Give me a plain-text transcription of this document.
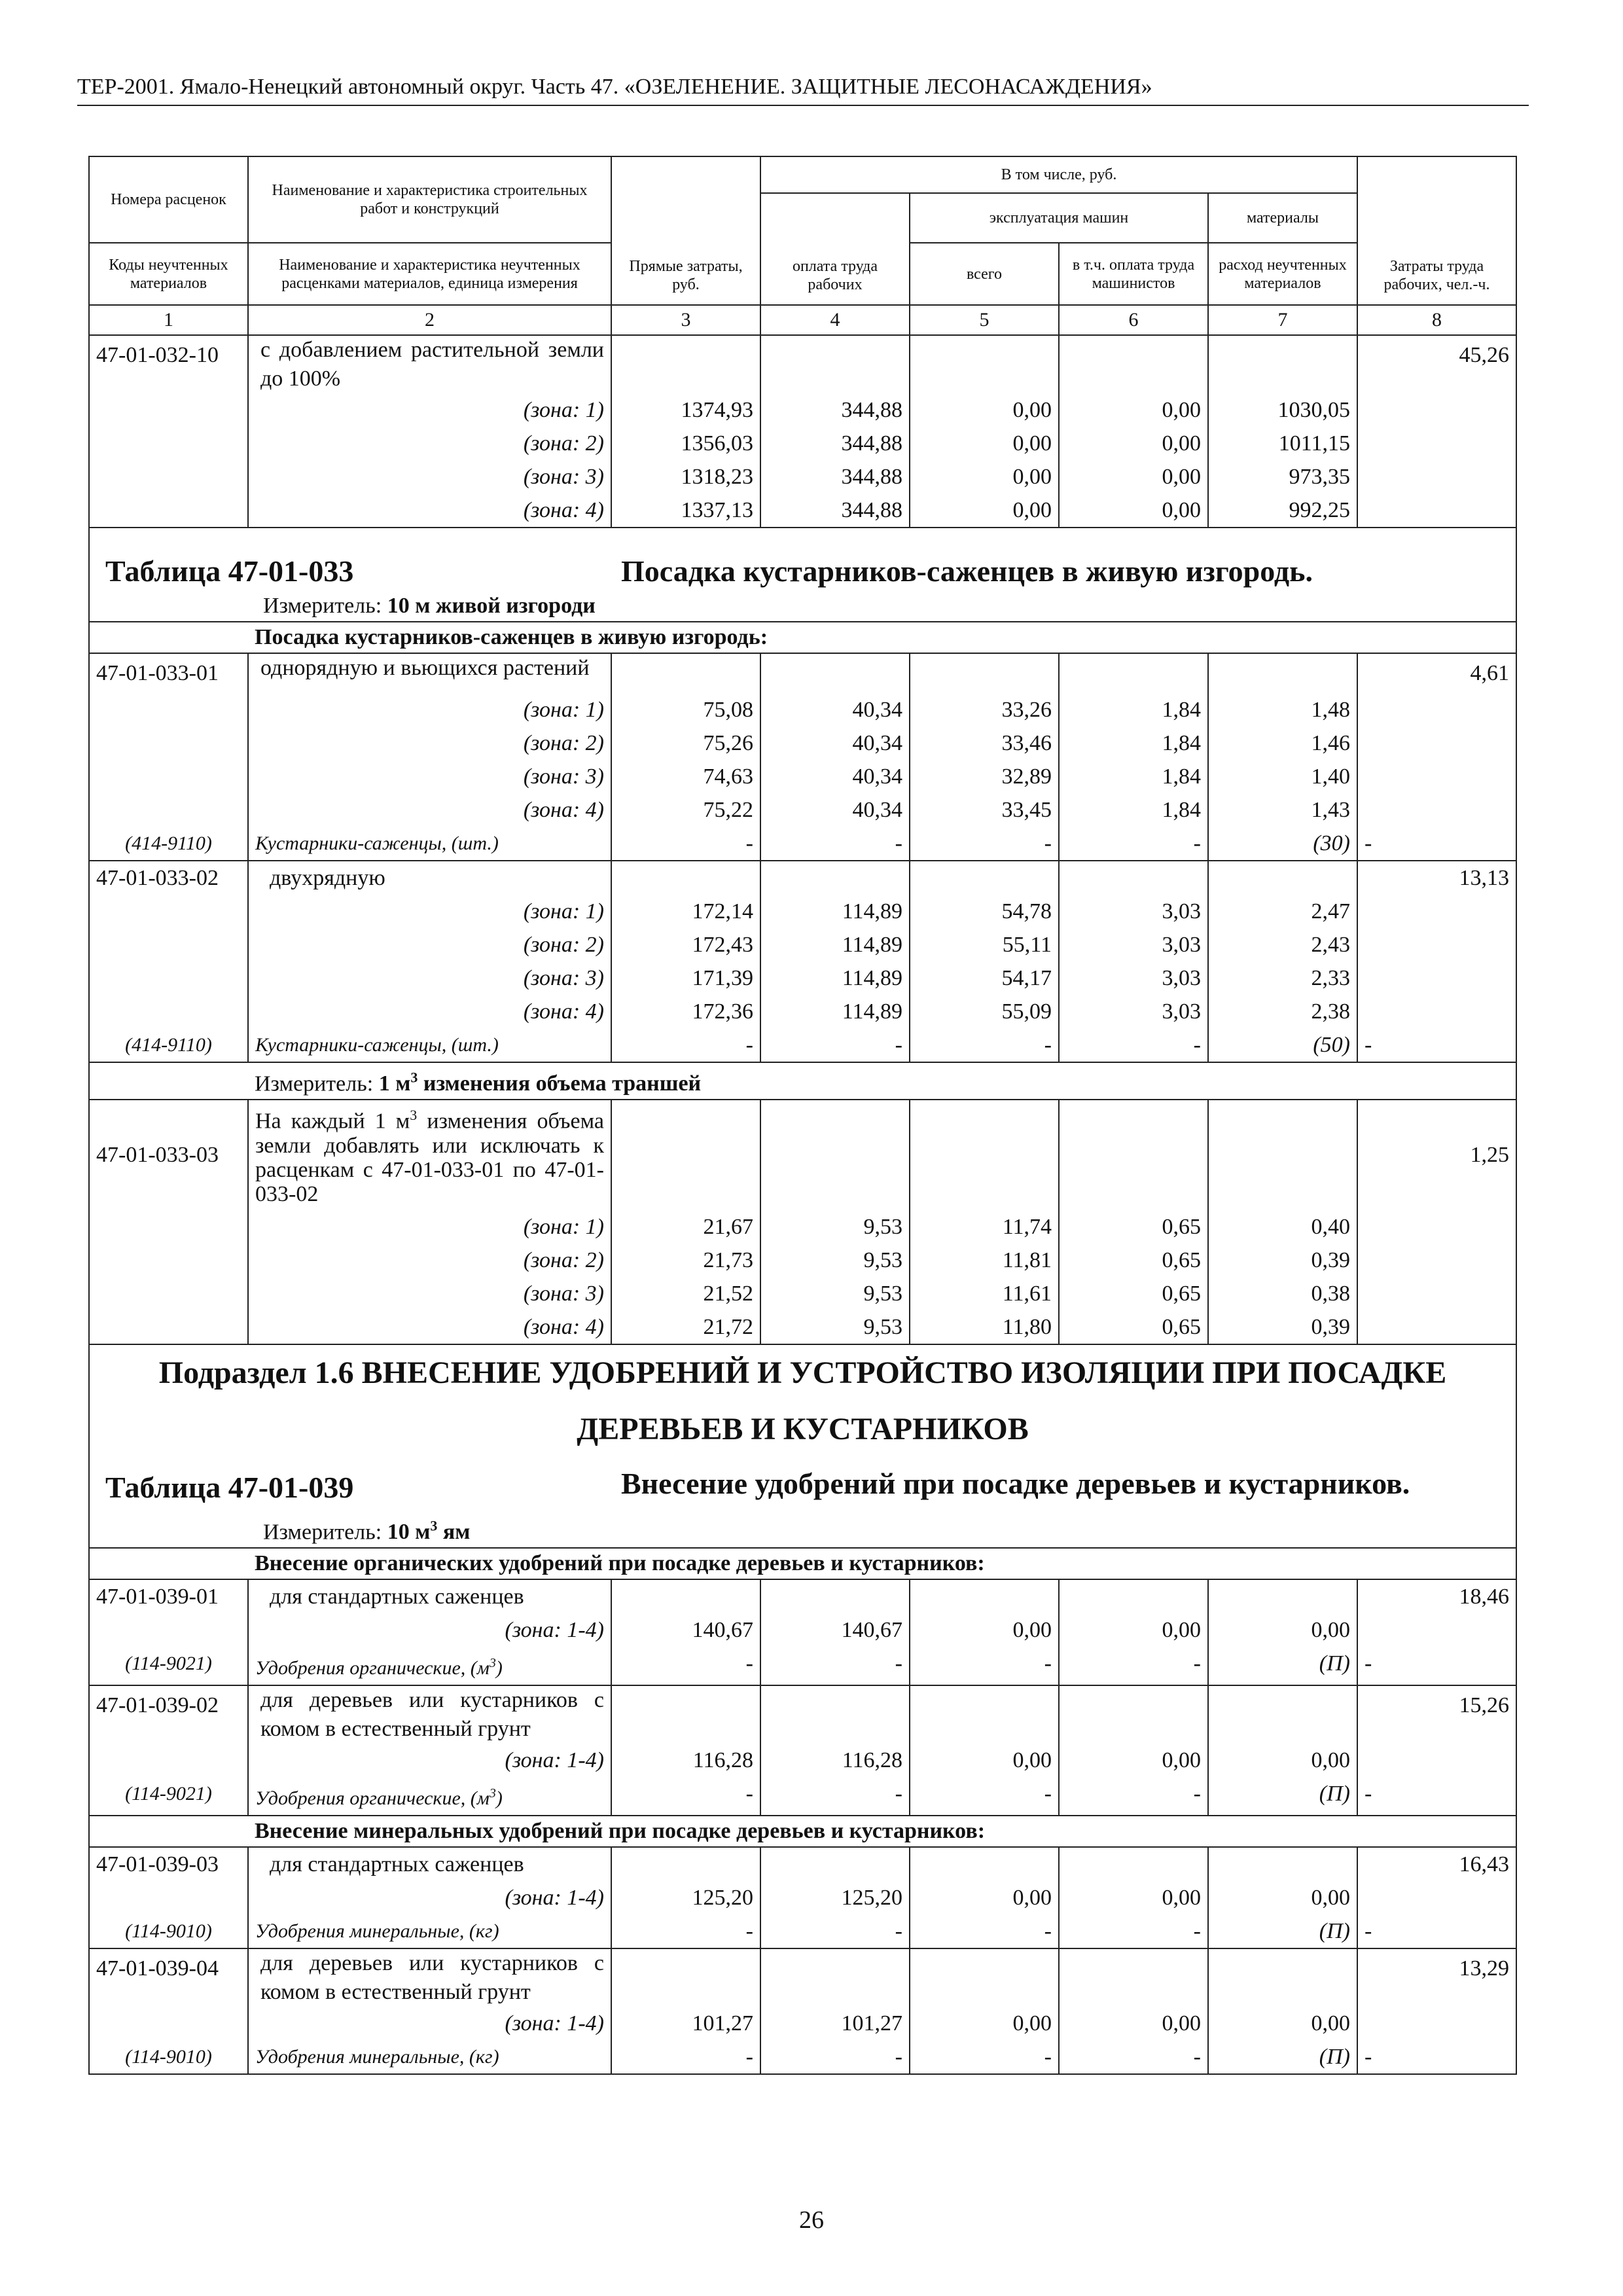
ТЕР-2001. Ямало-Ненецкий автономный округ. Часть 47. «ОЗЕЛЕНЕНИЕ. ЗАЩИТНЫЕ ЛЕСОНАСАЖДЕНИЯ»
Номера расценок	Наименование и характеристика строительных работ и конструкций	Прямые затраты, руб.	В том числе, руб.				Затраты труда рабочих, чел.-ч.
			оплата труда рабочих	эксплуатация машин		материалы	
Коды неучтенных материалов	Наименование и характеристика неучтенных расценками материалов, единица измерения			всего	в т.ч. оплата труда машинистов	расход неучтенных материалов	

1	2	3	4	5	6	7	8
47-01-032-10	с добавлением растительной земли до 100%						45,26
	(зона: 1)	1374,93	344,88	0,00	0,00	1030,05	
	(зона: 2)	1356,03	344,88	0,00	0,00	1011,15	
	(зона: 3)	1318,23	344,88	0,00	0,00	973,35	
	(зона: 4)	1337,13	344,88	0,00	0,00	992,25	

Таблица 47-01-033 Посадка кустарников-саженцев в живую изгородь.
Измеритель: 10 м живой изгороди							

	Посадка кустарников-саженцев в живую изгородь:						
47-01-033-01	однорядную и вьющихся растений						4,61
	(зона: 1)	75,08	40,34	33,26	1,84	1,48	
	(зона: 2)	75,26	40,34	33,46	1,84	1,46	
	(зона: 3)	74,63	40,34	32,89	1,84	1,40	
	(зона: 4)	75,22	40,34	33,45	1,84	1,43	
(414-9110)	Кустарники-саженцы, (шт.)	-	-	-	-	(30)	-
47-01-033-02	двухрядную						13,13
	(зона: 1)	172,14	114,89	54,78	3,03	2,47	
	(зона: 2)	172,43	114,89	55,11	3,03	2,43	
	(зона: 3)	171,39	114,89	54,17	3,03	2,33	
	(зона: 4)	172,36	114,89	55,09	3,03	2,38	
(414-9110)	Кустарники-саженцы, (шт.)	-	-	-	-	(50)	-
	Измеритель: 1 $м^3$ изменения объема траншей						
47-01-033-03	На каждый 1 $м^3$ изменения объема земли добавлять или исключать к расценкам с 47-01-033-01 по 47-01-033-02						1,25
	(зона: 1)	21,67	9,53	11,74	0,65	0,40	
	(зона: 2)	21,73	9,53	11,81	0,65	0,39	
	(зона: 3)	21,52	9,53	11,61	0,65	0,38	
	(зона: 4)	21,72	9,53	11,80	0,65	0,39	

Подраздел 1.6 ВНЕСЕНИЕ УДОБРЕНИЙ И УСТРОЙСТВО ИЗОЛЯЦИИ ПРИ ПОСАДКЕ
ДЕРЕВЬЕВ И КУСТАРНИКОВ
Таблица 47-01-039 Внесение удобрений при посадке деревьев и кустарников.
Измеритель: 10 $м^3$ ям							

	Внесение органических удобрений при посадке деревьев и кустарников:						
47-01-039-01	для стандартных саженцев						18,46
	(зона: 1-4)	140,67	140,67	0,00	0,00	0,00	
(114-9021)	Удобрения органические, $(м^3)$	-	-	-	-	(П)	-
47-01-039-02	для деревьев или кустарников с комом в естественный грунт						15,26
	(зона: 1-4)	116,28	116,28	0,00	0,00	0,00	
(114-9021)	Удобрения органические, $(м^3)$	-	-	-	-	(П)	-
	Внесение минеральных удобрений при посадке деревьев и кустарников:						
47-01-039-03	для стандартных саженцев						16,43
	(зона: 1-4)	125,20	125,20	0,00	0,00	0,00	
(114-9010)	Удобрения минеральные, (кг)	-	-	-	-	(П)	-
47-01-039-04	для деревьев или кустарников с комом в естественный грунт						13,29
	(зона: 1-4)	101,27	101,27	0,00	0,00	0,00	
(114-9010)	Удобрения минеральные, (кг)	-	-	-	-	(П)	-
26
